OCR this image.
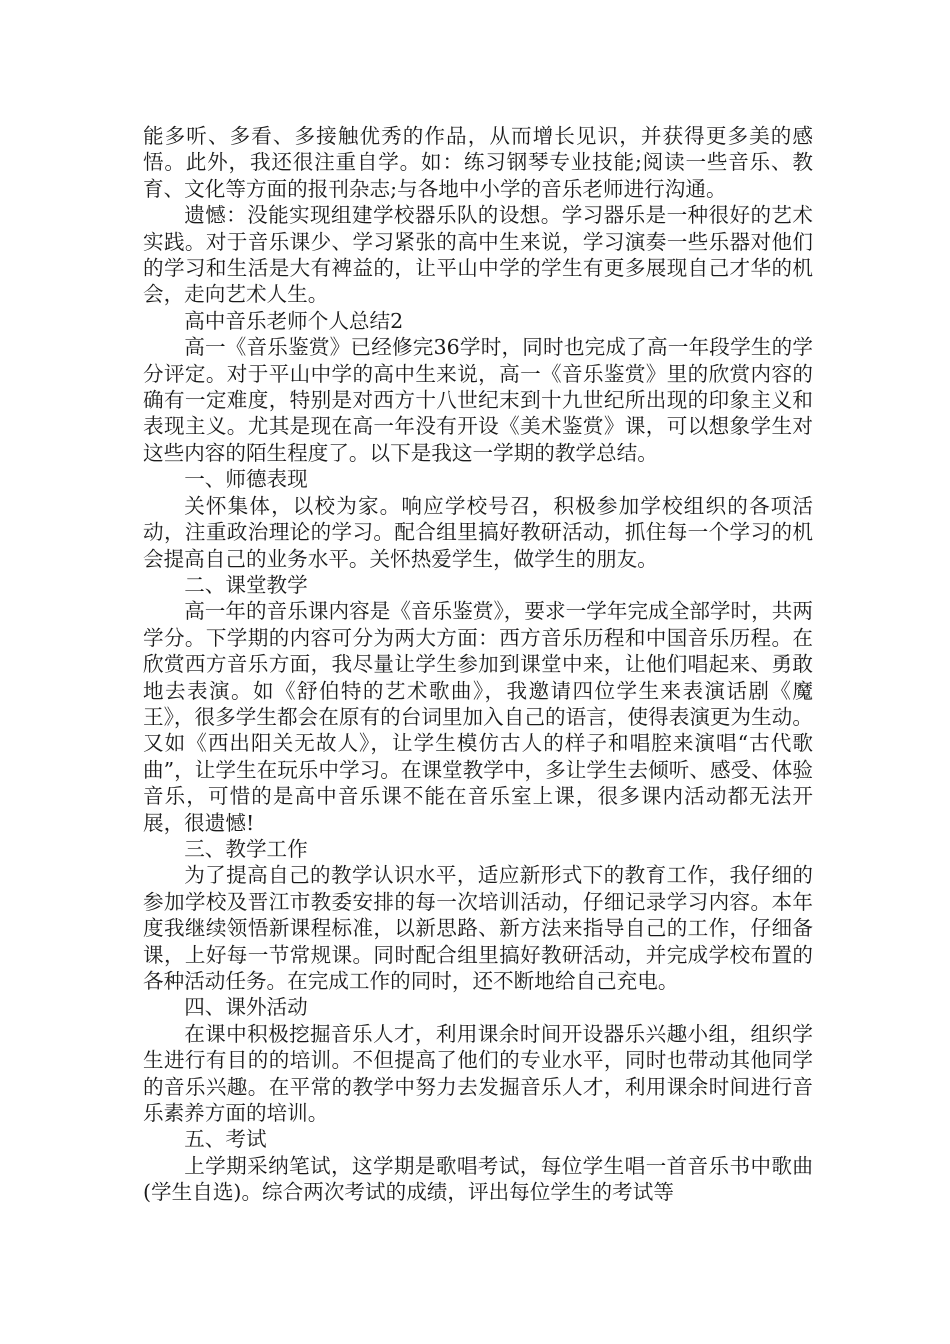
能多听、多看、多接触优秀的作品，从而增长见识，并获得更多美的感悟。此外，我还很注重自学。如：练习钢琴专业技能;阅读一些音乐、教育、文化等方面的报刊杂志;与各地中小学的音乐老师进行沟通。

遗憾：没能实现组建学校器乐队的设想。学习器乐是一种很好的艺术实践。对于音乐课少、学习紧张的高中生来说，学习演奏一些乐器对他们的学习和生活是大有裨益的，让平山中学的学生有更多展现自己才华的机会，走向艺术人生。

高中音乐老师个人总结2

高一《音乐鉴赏》已经修完36学时，同时也完成了高一年段学生的学分评定。对于平山中学的高中生来说，高一《音乐鉴赏》里的欣赏内容的确有一定难度，特别是对西方十八世纪末到十九世纪所出现的印象主义和表现主义。尤其是现在高一年没有开设《美术鉴赏》课，可以想象学生对这些内容的陌生程度了。以下是我这一学期的教学总结。

一、师德表现

关怀集体，以校为家。响应学校号召，积极参加学校组织的各项活动，注重政治理论的学习。配合组里搞好教研活动，抓住每一个学习的机会提高自己的业务水平。关怀热爱学生，做学生的朋友。

二、课堂教学

高一年的音乐课内容是《音乐鉴赏》，要求一学年完成全部学时，共两学分。下学期的内容可分为两大方面：西方音乐历程和中国音乐历程。在欣赏西方音乐方面，我尽量让学生参加到课堂中来，让他们唱起来、勇敢地去表演。如《舒伯特的艺术歌曲》，我邀请四位学生来表演话剧《魔王》，很多学生都会在原有的台词里加入自己的语言，使得表演更为生动。又如《西出阳关无故人》，让学生模仿古人的样子和唱腔来演唱“古代歌曲”，让学生在玩乐中学习。在课堂教学中，多让学生去倾听、感受、体验音乐，可惜的是高中音乐课不能在音乐室上课，很多课内活动都无法开展，很遗憾!

三、教学工作

为了提高自己的教学认识水平，适应新形式下的教育工作，我仔细的参加学校及晋江市教委安排的每一次培训活动，仔细记录学习内容。本年度我继续领悟新课程标准，以新思路、新方法来指导自己的工作，仔细备课，上好每一节常规课。同时配合组里搞好教研活动，并完成学校布置的各种活动任务。在完成工作的同时，还不断地给自己充电。

四、课外活动

在课中积极挖掘音乐人才，利用课余时间开设器乐兴趣小组，组织学生进行有目的的培训。不但提高了他们的专业水平，同时也带动其他同学的音乐兴趣。在平常的教学中努力去发掘音乐人才，利用课余时间进行音乐素养方面的培训。

五、考试

上学期采纳笔试，这学期是歌唱考试，每位学生唱一首音乐书中歌曲(学生自选)。综合两次考试的成绩，评出每位学生的考试等
